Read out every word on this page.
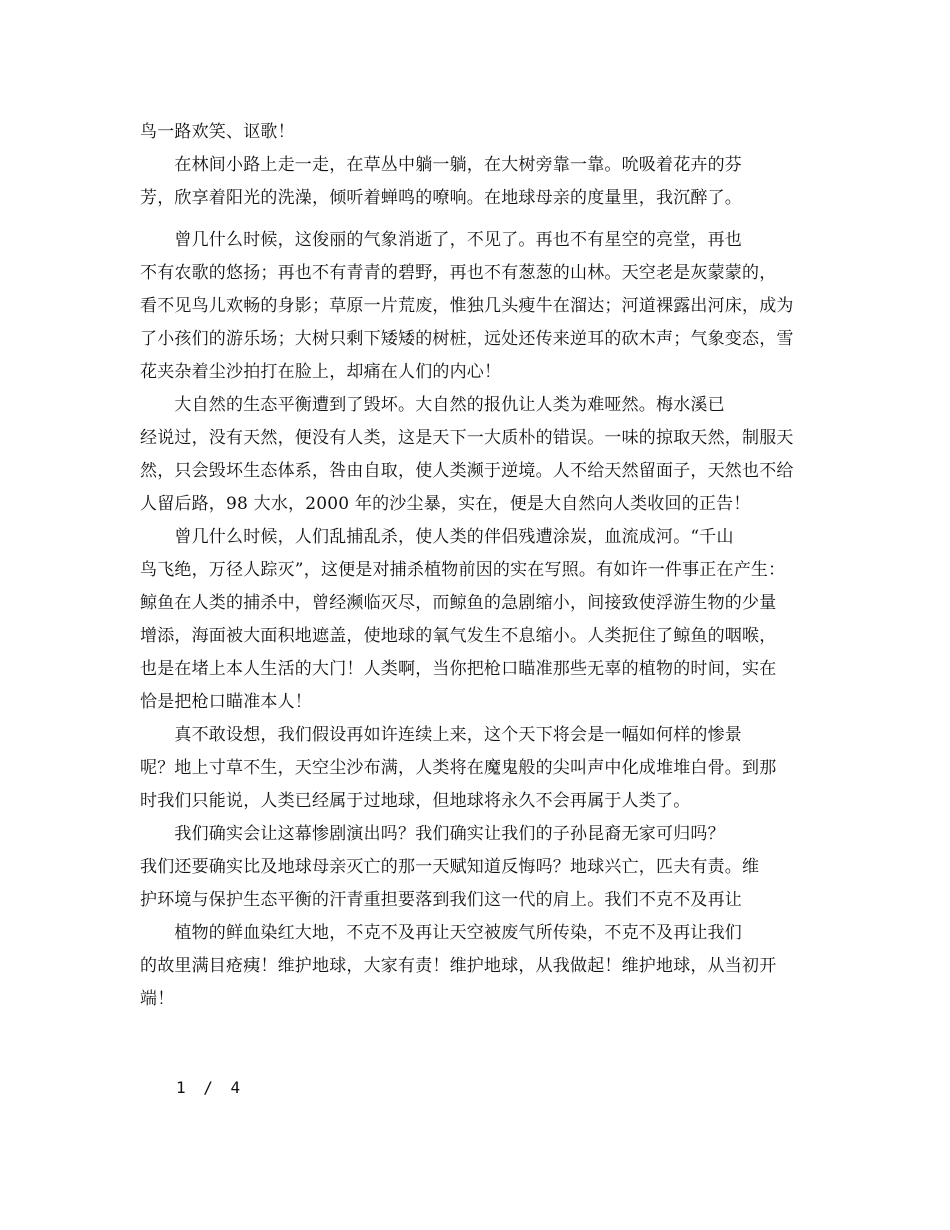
鸟一路欢笑、讴歌！
　　在林间小路上走一走，在草丛中躺一躺，在大树旁靠一靠。吮吸着花卉的芬
芳，欣享着阳光的洗澡，倾听着蝉鸣的嘹响。在地球母亲的度量里，我沉醉了。
　　曾几什么时候，这俊丽的气象消逝了，不见了。再也不有星空的亮堂，再也
不有农歌的悠扬；再也不有青青的碧野，再也不有葱葱的山林。天空老是灰蒙蒙的，
看不见鸟儿欢畅的身影；草原一片荒废，惟独几头瘦牛在溜达；河道裸露出河床，成为
了小孩们的游乐场；大树只剩下矮矮的树桩，远处还传来逆耳的砍木声；气象变态，雪
花夹杂着尘沙拍打在脸上，却痛在人们的内心！
　　大自然的生态平衡遭到了毁坏。大自然的报仇让人类为难哑然。梅水溪已
经说过，没有天然，便没有人类，这是天下一大质朴的错误。一味的掠取天然，制服天
然，只会毁坏生态体系，咎由自取，使人类濒于逆境。人不给天然留面子，天然也不给
人留后路，98 大水，2000 年的沙尘暴，实在，便是大自然向人类收回的正告！
　　曾几什么时候，人们乱捕乱杀，使人类的伴侣残遭涂炭，血流成河。“千山
鸟飞绝，万径人踪灭”，这便是对捕杀植物前因的实在写照。有如许一件事正在产生：
鲸鱼在人类的捕杀中，曾经濒临灭尽，而鲸鱼的急剧缩小，间接致使浮游生物的少量
增添，海面被大面积地遮盖，使地球的氧气发生不息缩小。人类扼住了鲸鱼的咽喉，
也是在堵上本人生活的大门！人类啊，当你把枪口瞄准那些无辜的植物的时间，实在
恰是把枪口瞄准本人！
　　真不敢设想，我们假设再如许连续上来，这个天下将会是一幅如何样的惨景
呢？地上寸草不生，天空尘沙布满，人类将在魔鬼般的尖叫声中化成堆堆白骨。到那
时我们只能说，人类已经属于过地球，但地球将永久不会再属于人类了。
　　我们确实会让这幕惨剧演出吗？我们确实让我们的子孙昆裔无家可归吗？
我们还要确实比及地球母亲灭亡的那一天赋知道反悔吗？地球兴亡，匹夫有责。维
护环境与保护生态平衡的汗青重担要落到我们这一代的肩上。我们不克不及再让
　　植物的鲜血染红大地，不克不及再让天空被废气所传染，不克不及再让我们
的故里满目疮痍！维护地球，大家有责！维护地球，从我做起！维护地球，从当初开
端！
1 / 4
